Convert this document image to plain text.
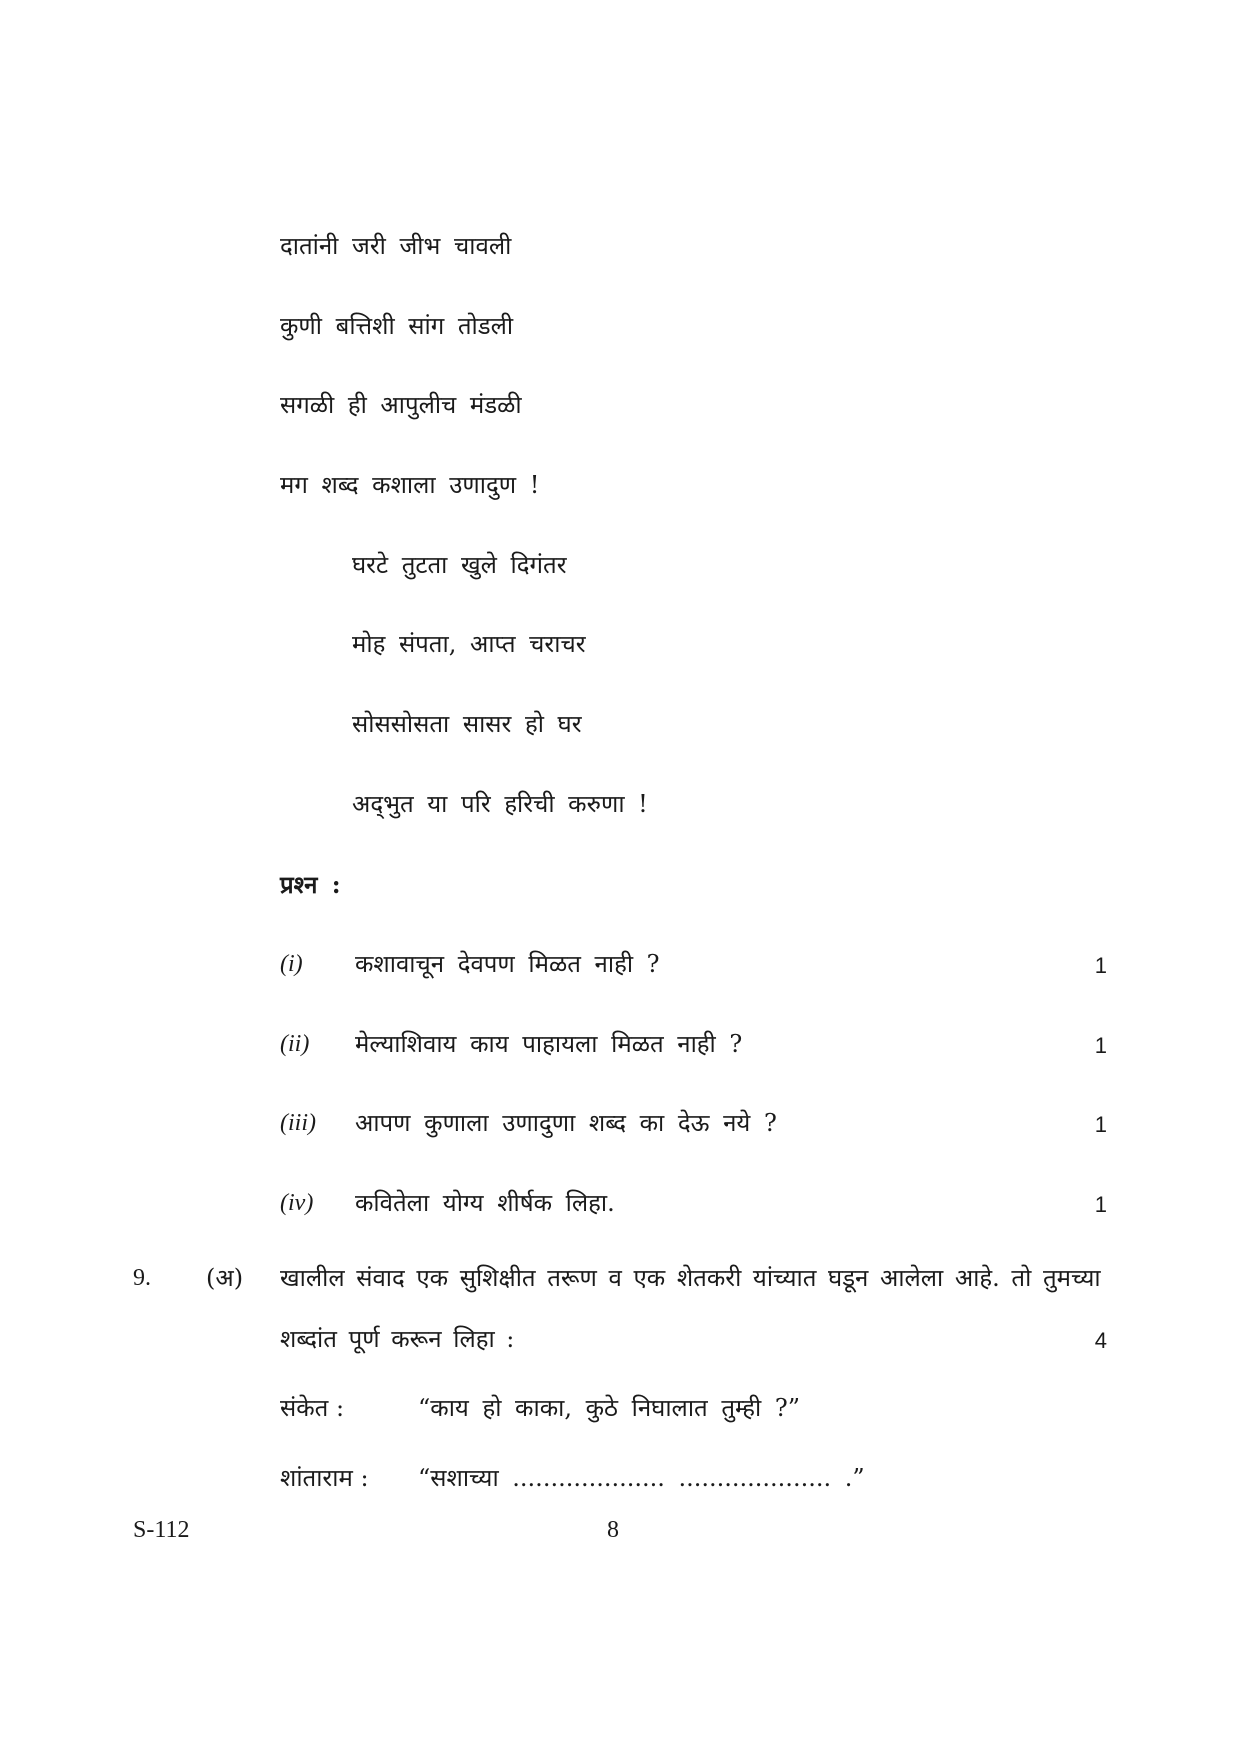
दातांनी जरी जीभ चावली
कुणी बत्तिशी सांग तोडली
सगळी ही आपुलीच मंडळी
मग शब्द कशाला उणादुण !
घरटे तुटता खुले दिगंतर
मोह संपता, आप्त चराचर
सोससोसता सासर हो घर
अद्‌भुत या परि हरिची करुणा !
प्रश्‍न :
(i) कशावाचून देवपण मिळत नाही ?	1
(ii) मेल्याशिवाय काय पाहायला मिळत नाही ?	1
(iii) आपण कुणाला उणादुणा शब्द का देऊ नये ?	1
(iv) कवितेला योग्य शीर्षक लिहा.	1
9. (अ) खालील संवाद एक सुशिक्षीत तरूण व एक शेतकरी यांच्यात घडून आलेला आहे. तो तुमच्या
शब्दांत पूर्ण करून लिहा :	4
संकेत :	“काय हो काका, कुठे निघालात तुम्ही ?”
शांताराम : “सशाच्या .................... .................... .”
S-112	8
